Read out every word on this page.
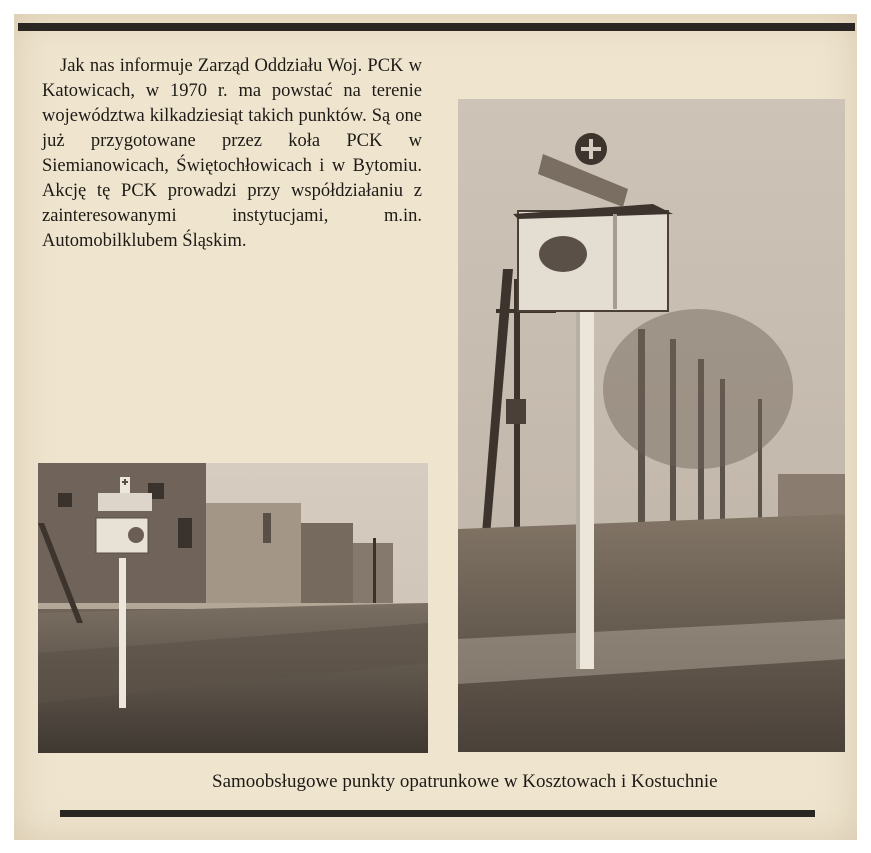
Jak nas informuje Zarząd Oddziału Woj. PCK w Katowicach, w 1970 r. ma powstać na terenie województwa kilkadziesiąt takich punktów. Są one już przygotowane przez koła PCK w Siemianowicach, Świętochłowicach i w Bytomiu. Akcję tę PCK prowadzi przy współdziałaniu z zainteresowanymi instytucjami, m.in. Automobilklubem Śląskim.

Samoobsługowe punkty opatrunkowe w Kosztowach i Kostuchnie
